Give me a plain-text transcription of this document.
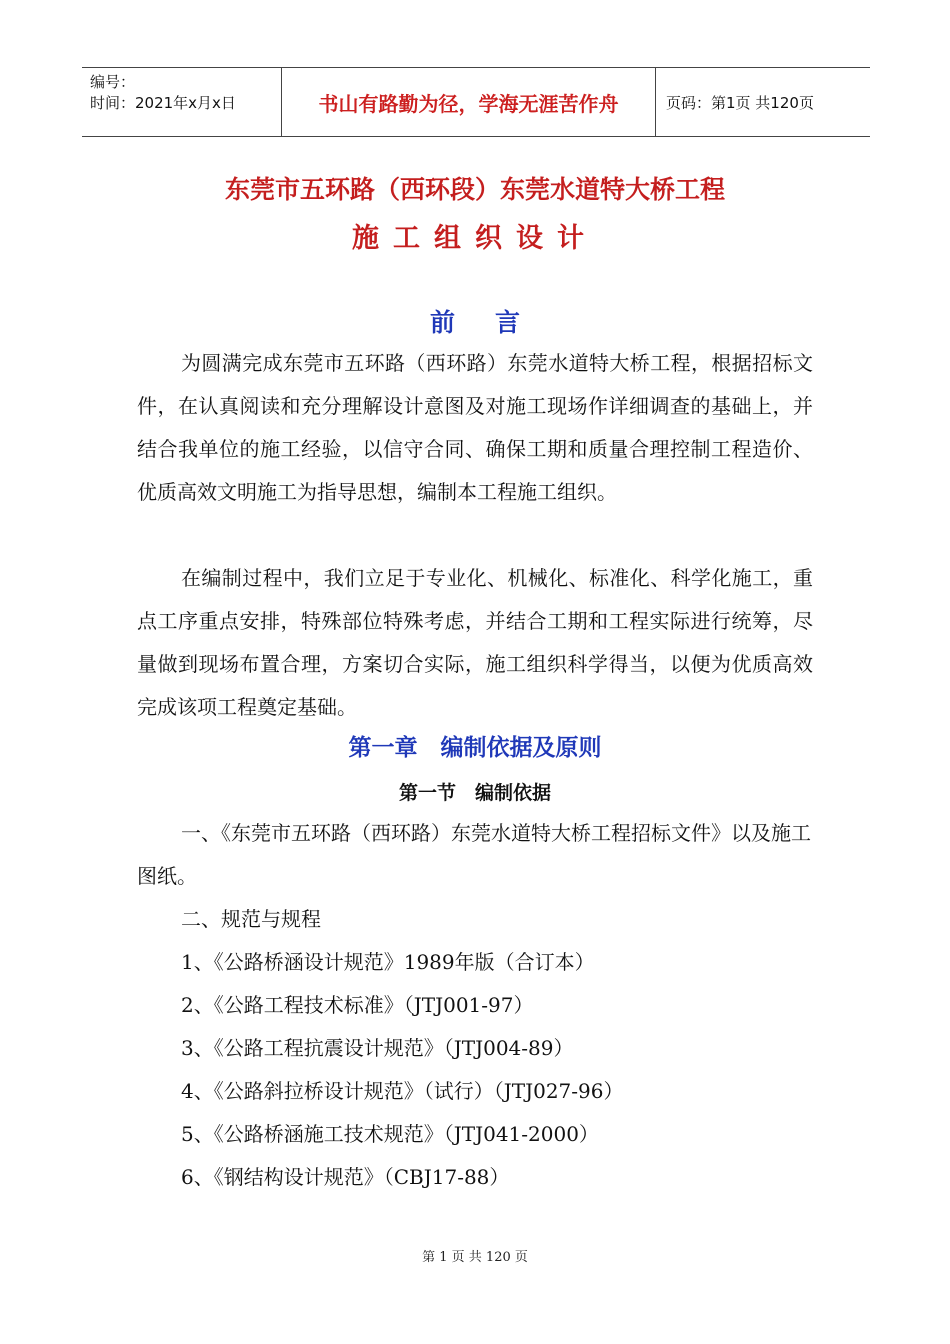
编号：
时间：2021年x月x日	书山有路勤为径，学海无涯苦作舟	页码：第1页 共120页
东莞市五环路（西环段）东莞水道特大桥工程
施工组织设计
前言

为圆满完成东莞市五环路（西环路）东莞水道特大桥工程，根据招标文件，在认真阅读和充分理解设计意图及对施工现场作详细调查的基础上，并结合我单位的施工经验，以信守合同、确保工期和质量合理控制工程造价、优质高效文明施工为指导思想，编制本工程施工组织。

在编制过程中，我们立足于专业化、机械化、标准化、科学化施工，重点工序重点安排，特殊部位特殊考虑，并结合工期和工程实际进行统筹，尽量做到现场布置合理，方案切合实际，施工组织科学得当，以便为优质高效完成该项工程奠定基础。

第一章　编制依据及原则
第一节　编制依据
一、《东莞市五环路（西环路）东莞水道特大桥工程招标文件》以及施工图纸。
二、规范与规程
1、《公路桥涵设计规范》1989年版（合订本）
2、《公路工程技术标准》（JTJ001-97）
3、《公路工程抗震设计规范》（JTJ004-89）
4、《公路斜拉桥设计规范》（试行）（JTJ027-96）
5、《公路桥涵施工技术规范》（JTJ041-2000）
6、《钢结构设计规范》（CBJ17-88）
第 1 页 共 120 页
